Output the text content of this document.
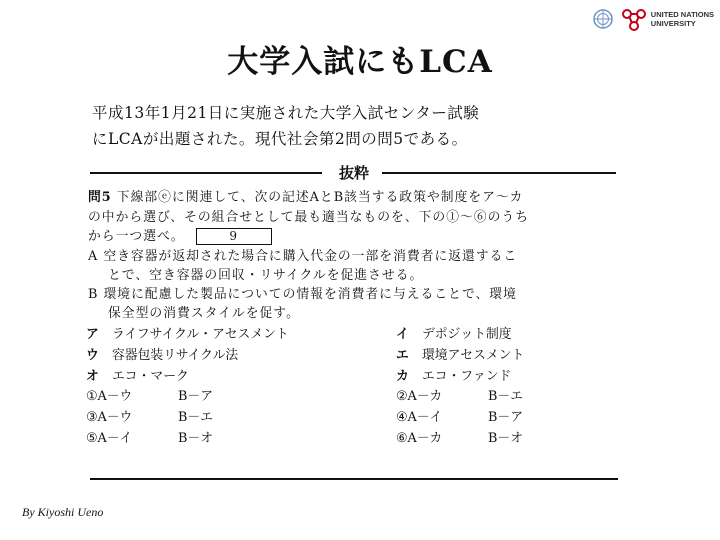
UNITED NATIONS
UNIVERSITY
大学入試にもLCA
平成13年1月21日に実施された大学入試センター試験
にLCAが出題された。現代社会第2問の問5である。
抜粋
問5 下線部ⓔに関連して、次の記述AとB該当する政策や制度をア～カ
の中から選び、その組合せとして最も適当なものを、下の①～⑥のうち
から一つ選べ。	9
A 空き容器が返却された場合に購入代金の一部を消費者に返還するこ
とで、空き容器の回収・リサイクルを促進させる。
B 環境に配慮した製品についての情報を消費者に与えることで、環境
保全型の消費スタイルを促す。
ア ライフサイクル・アセスメント	イ デポジット制度
ウ 容器包装リサイクル法	エ 環境アセスメント
オ エコ・マーク	カ エコ・ファンド
①A－ウ	B－ア	②A－カ	B－エ
③A－ウ	B－エ	④A－イ	B－ア
⑤A－イ	B－オ	⑥A－カ	B－オ
By Kiyoshi Ueno
